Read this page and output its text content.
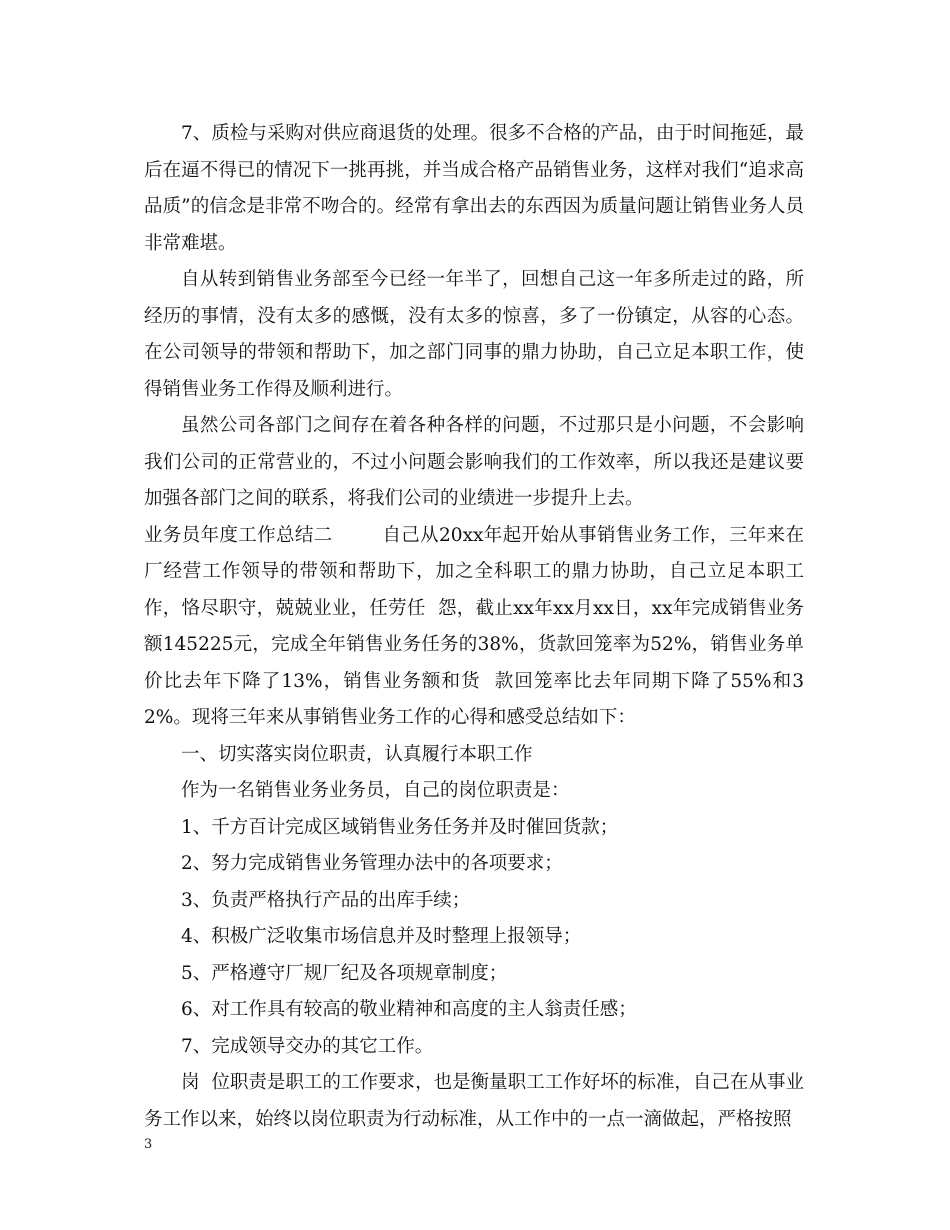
7、质检与采购对供应商退货的处理。很多不合格的产品，由于时间拖延，最后在逼不得已的情况下一挑再挑，并当成合格产品销售业务，这样对我们“追求高品质”的信念是非常不吻合的。经常有拿出去的东西因为质量问题让销售业务人员非常难堪。

自从转到销售业务部至今已经一年半了，回想自己这一年多所走过的路，所经历的事情，没有太多的感慨，没有太多的惊喜，多了一份镇定，从容的心态。在公司领导的带领和帮助下，加之部门同事的鼎力协助，自己立足本职工作，使得销售业务工作得及顺利进行。

虽然公司各部门之间存在着各种各样的问题，不过那只是小问题，不会影响我们公司的正常营业的，不过小问题会影响我们的工作效率，所以我还是建议要加强各部门之间的联系，将我们公司的业绩进一步提升上去。

业务员年度工作总结二        自己从20xx年起开始从事销售业务工作，三年来在厂经营工作领导的带领和帮助下，加之全科职工的鼎力协助，自己立足本职工作，恪尽职守，兢兢业业，任劳任  怨，截止xx年xx月xx日，xx年完成销售业务额145225元，完成全年销售业务任务的38%，货款回笼率为52%，销售业务单价比去年下降了13%，销售业务额和货  款回笼率比去年同期下降了55%和32%。现将三年来从事销售业务工作的心得和感受总结如下：

一、切实落实岗位职责，认真履行本职工作

作为一名销售业务业务员，自己的岗位职责是：

1、千方百计完成区域销售业务任务并及时催回货款；

2、努力完成销售业务管理办法中的各项要求；

3、负责严格执行产品的出库手续；

4、积极广泛收集市场信息并及时整理上报领导；

5、严格遵守厂规厂纪及各项规章制度；

6、对工作具有较高的敬业精神和高度的主人翁责任感；

7、完成领导交办的其它工作。

岗  位职责是职工的工作要求，也是衡量职工工作好坏的标准，自己在从事业务工作以来，始终以岗位职责为行动标准，从工作中的一点一滴做起，严格按照

3
